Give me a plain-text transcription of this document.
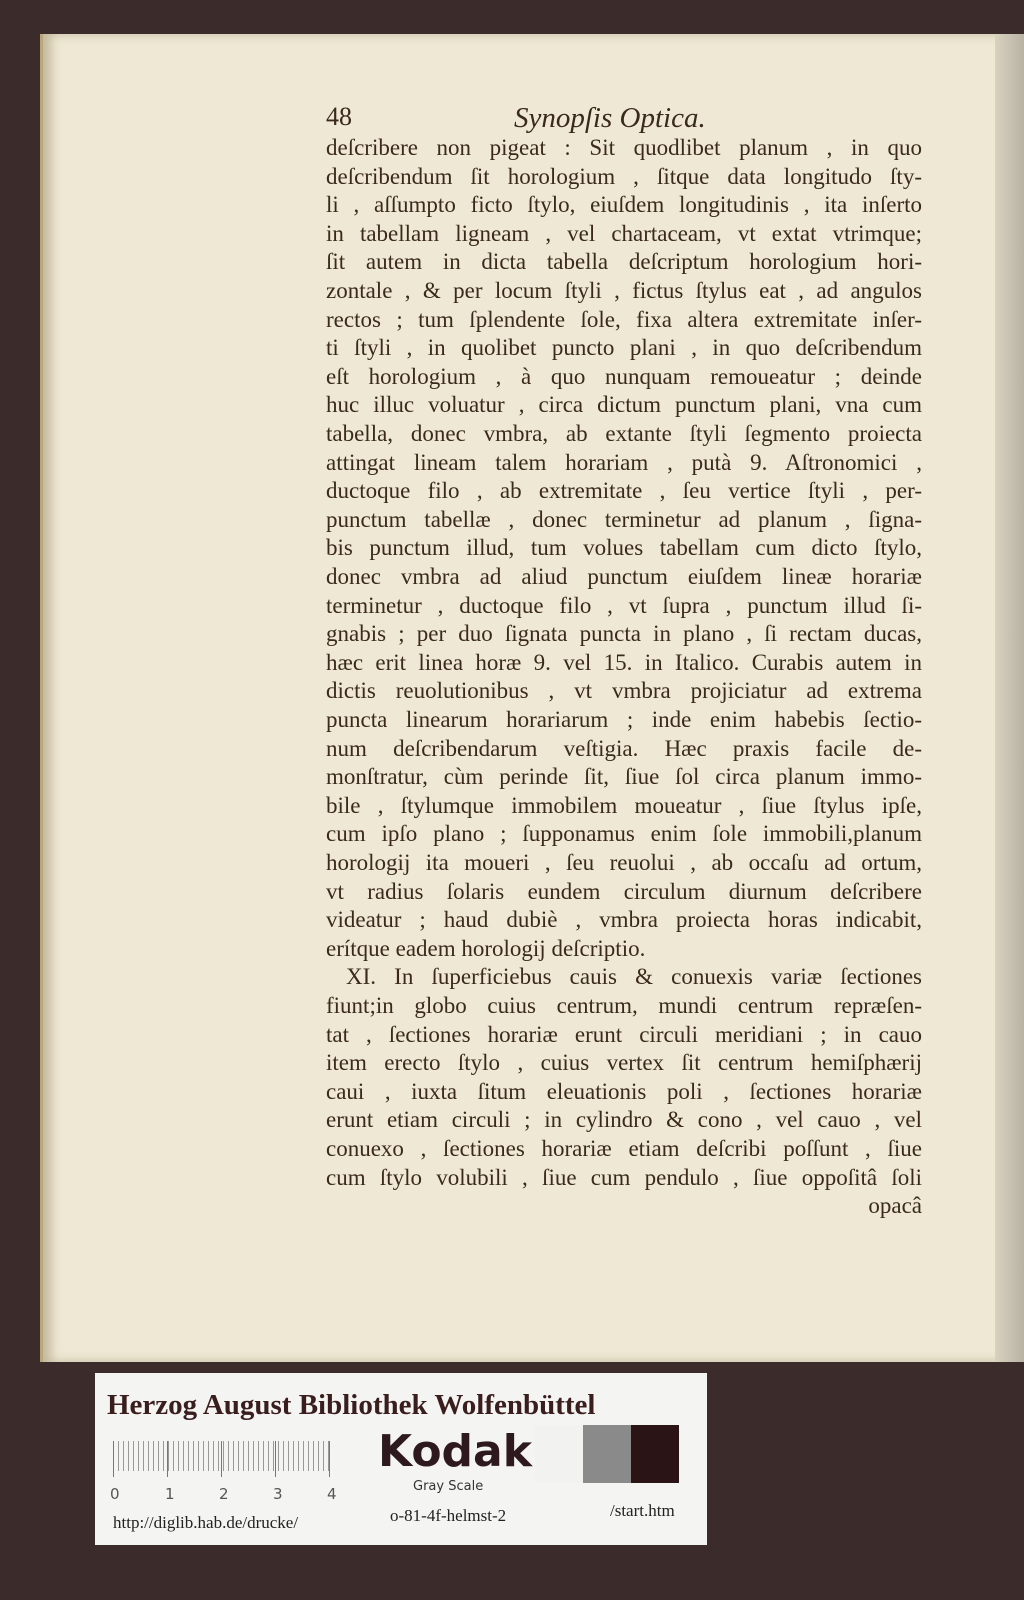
48	Synopſis Optica.
deſcribere non pigeat : Sit quodlibet planum , in quo
deſcribendum ſit horologium , ſitque data longitudo ſty-
li , aſſumpto ficto ſtylo, eiuſdem longitudinis , ita inſerto
in tabellam ligneam , vel chartaceam, vt extat vtrimque;
ſit autem in dicta tabella deſcriptum horologium hori-
zontale , & per locum ſtyli , fictus ſtylus eat , ad angulos
rectos ; tum ſplendente ſole, fixa altera extremitate inſer-
ti ſtyli , in quolibet puncto plani , in quo deſcribendum
eſt horologium , à quo nunquam remoueatur ; deinde
huc illuc voluatur , circa dictum punctum plani, vna cum
tabella, donec vmbra, ab extante ſtyli ſegmento proiecta
attingat lineam talem horariam , putà 9. Aſtronomici ,
ductoque filo , ab extremitate , ſeu vertice ſtyli , per-
punctum tabellæ , donec terminetur ad planum , ſigna-
bis punctum illud, tum volues tabellam cum dicto ſtylo,
donec vmbra ad aliud punctum eiuſdem lineæ horariæ
terminetur , ductoque filo , vt ſupra , punctum illud ſi-
gnabis ; per duo ſignata puncta in plano , ſi rectam ducas,
hæc erit linea horæ 9. vel 15. in Italico. Curabis autem in
dictis reuolutionibus , vt vmbra projiciatur ad extrema
puncta linearum horariarum ; inde enim habebis ſectio-
num deſcribendarum veſtigia. Hæc praxis facile de-
monſtratur, cùm perinde ſit, ſiue ſol circa planum immo-
bile , ſtylumque immobilem moueatur , ſiue ſtylus ipſe,
cum ipſo plano ; ſupponamus enim ſole immobili,planum
horologij ita moueri , ſeu reuolui , ab occaſu ad ortum,
vt radius ſolaris eundem circulum diurnum deſcribere
videatur ; haud dubiè , vmbra proiecta horas indicabit,
erítque eadem horologij deſcriptio.
XI. In ſuperficiebus cauis & conuexis variæ ſectiones
fiunt;in globo cuius centrum, mundi centrum repræſen-
tat , ſectiones horariæ erunt circuli meridiani ; in cauo
item erecto ſtylo , cuius vertex ſit centrum hemiſphærij
caui , iuxta ſitum eleuationis poli , ſectiones horariæ
erunt etiam circuli ; in cylindro & cono , vel cauo , vel
conuexo , ſectiones horariæ etiam deſcribi poſſunt , ſiue
cum ſtylo volubili , ſiue cum pendulo , ſiue oppoſitâ ſoli
opacâ
Herzog August Bibliothek Wolfenbüttel
0	1	2	3	4
Kodak
Gray Scale
http://diglib.hab.de/drucke/	o-81-4f-helmst-2	/start.htm
